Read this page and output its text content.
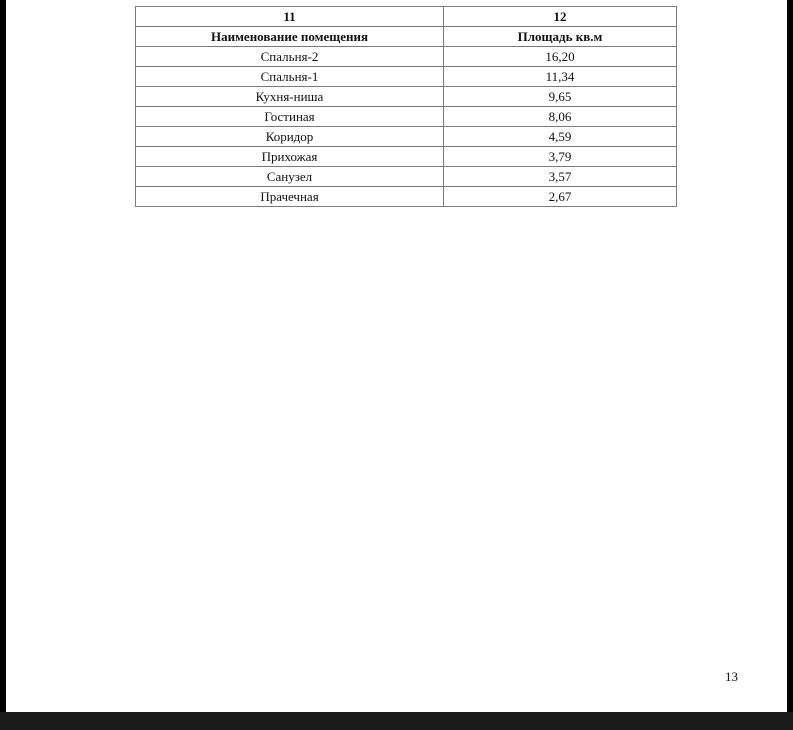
11	12
Наименование помещения	Площадь кв.м
Спальня-2	16,20
Спальня-1	11,34
Кухня-ниша	9,65
Гостиная	8,06
Коридор	4,59
Прихожая	3,79
Санузел	3,57
Прачечная	2,67
13
